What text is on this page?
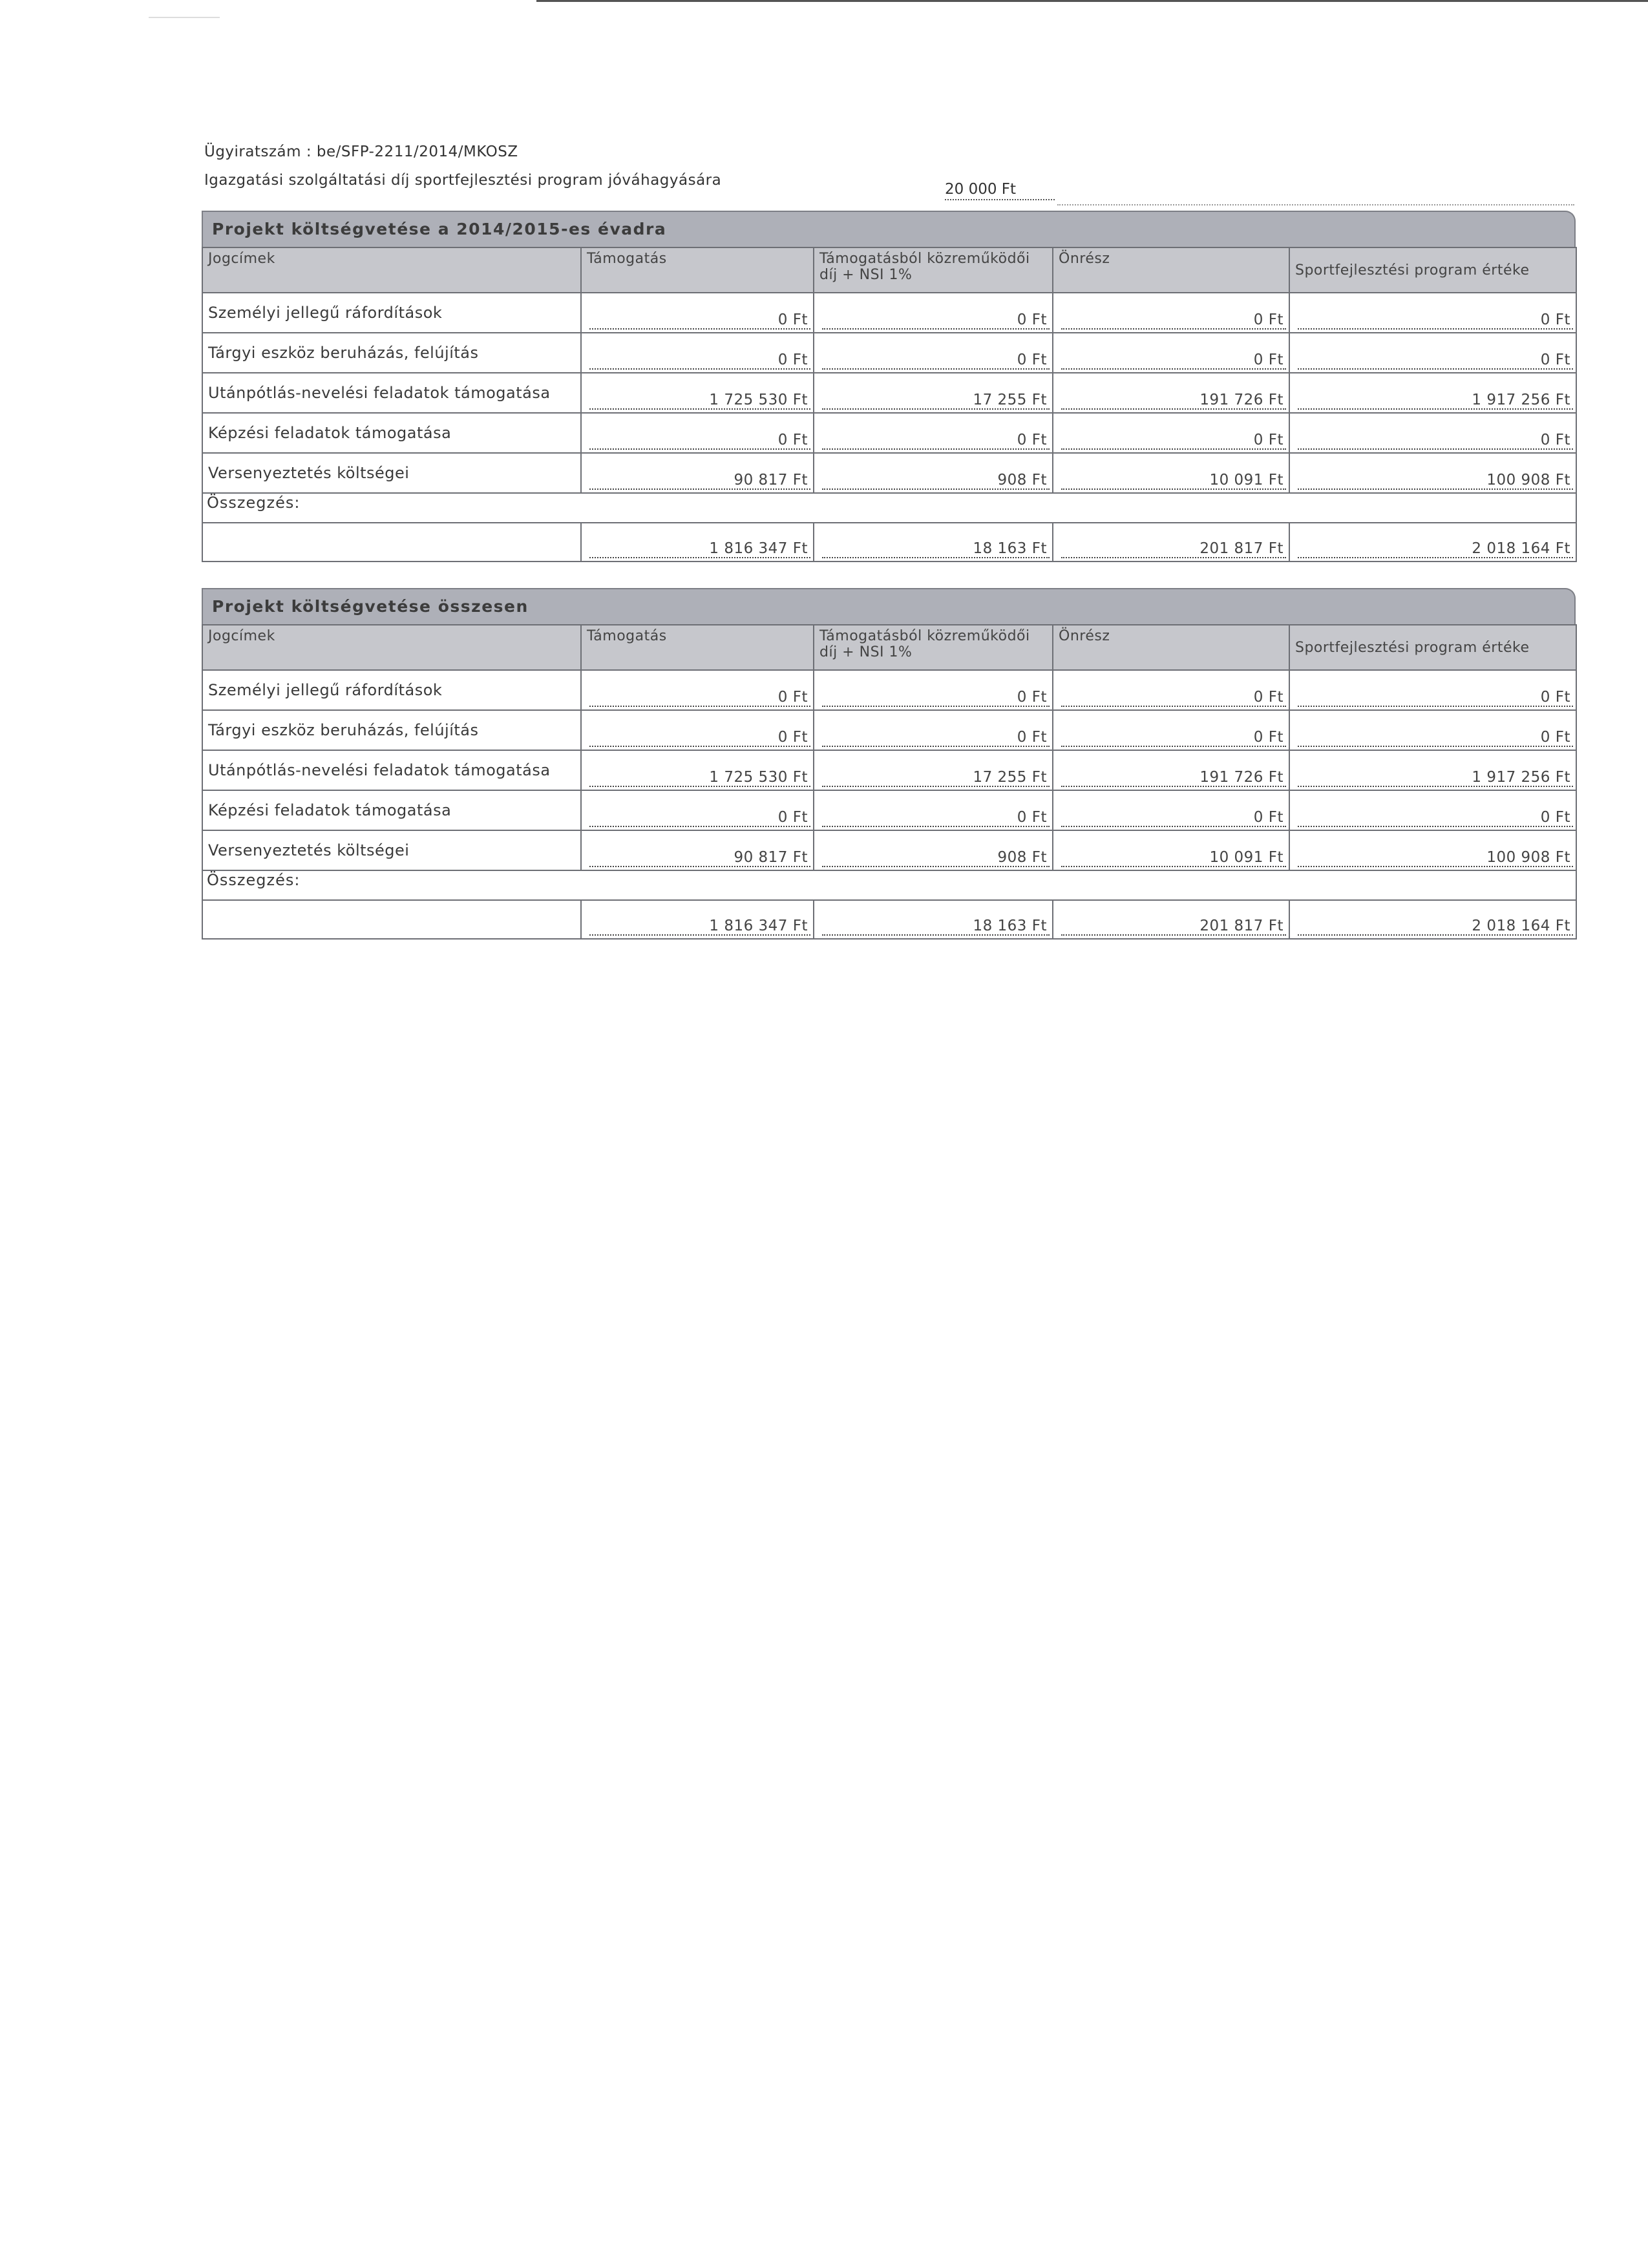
Ügyiratszám : be/SFP-2211/2014/MKOSZ
Igazgatási szolgáltatási díj sportfejlesztési program jóváhagyására
20 000 Ft
Projekt költségvetése a 2014/2015-es évadra
Jogcímek	Támogatás	Támogatásból közreműködői díj + NSI 1%	Önrész	Sportfejlesztési program értéke
Személyi jellegű ráfordítások	0 Ft	0 Ft	0 Ft	0 Ft

Tárgyi eszköz beruházás, felújítás	0 Ft	0 Ft	0 Ft	0 Ft

Utánpótlás-nevelési feladatok támogatása	1 725 530 Ft	17 255 Ft	191 726 Ft	1 917 256 Ft

Képzési feladatok támogatása	0 Ft	0 Ft	0 Ft	0 Ft

Versenyeztetés költségei	90 817 Ft	908 Ft	10 091 Ft	100 908 Ft

Összegzés:				

	1 816 347 Ft	18 163 Ft	201 817 Ft	2 018 164 Ft
Projekt költségvetése összesen
Jogcímek	Támogatás	Támogatásból közreműködői díj + NSI 1%	Önrész	Sportfejlesztési program értéke
Személyi jellegű ráfordítások	0 Ft	0 Ft	0 Ft	0 Ft

Tárgyi eszköz beruházás, felújítás	0 Ft	0 Ft	0 Ft	0 Ft

Utánpótlás-nevelési feladatok támogatása	1 725 530 Ft	17 255 Ft	191 726 Ft	1 917 256 Ft

Képzési feladatok támogatása	0 Ft	0 Ft	0 Ft	0 Ft

Versenyeztetés költségei	90 817 Ft	908 Ft	10 091 Ft	100 908 Ft

Összegzés:				

	1 816 347 Ft	18 163 Ft	201 817 Ft	2 018 164 Ft
